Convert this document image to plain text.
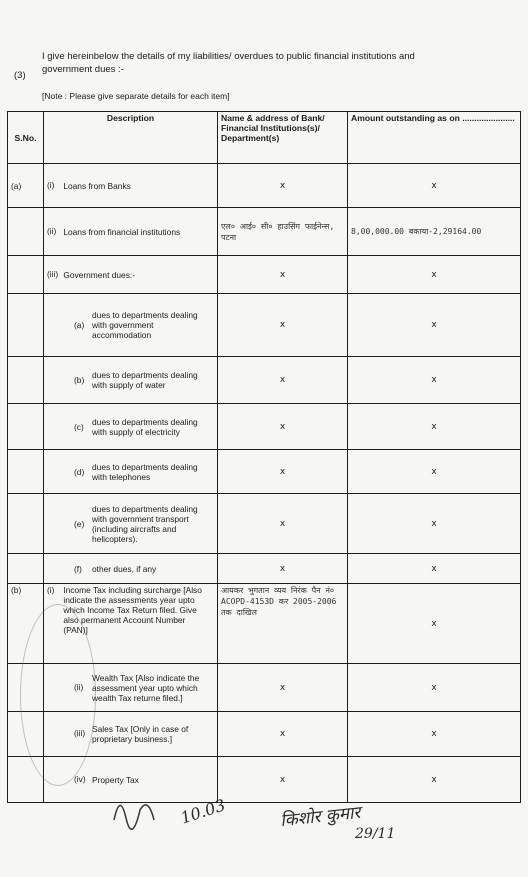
(3)
I give hereinbelow the details of my liabilities/ overdues to public financial institutions and
government dues :-
[Note : Please give separate details for each item]
S.No.	Description	Name & address of Bank/ Financial Institutions(s)/ Department(s)	Amount outstanding as on ......................
(a)	(i) Loans from Banks	x	x
	(ii) Loans from financial institutions	एल० आई० सी० हाउसिंग फाईनेन्स, पटना	8,00,000.00 बकाया-2,29164.00
	(iii) Government dues:-	x	x
	(a)dues to departments dealing with government accommodation	x	x
	(b) dues to departments dealing with supply of water	x	x
	(c) dues to departments dealing with supply of electricity	x	x
	(d) dues to departments dealing with telephones	x	x
	(e)dues to departments dealing with government transport (including aircrafts and helicopters).	x	x
	(f) other dues, if any	x	x
(b)	(i) Income Tax including surcharge [Also indicate the assessments year upto which Income Tax Return filed. Give also permanent Account Number (PAN)]	आयकर भुगतान व्यय निरंक पैन नं० ACOPD-4153D कर 2005-2006 तक दाखिल	x
	(ii)Wealth Tax [Also indicate the assessment year upto which wealth Tax returne filed.]	x	x
	(iii) Sales Tax [Only in case of proprietary business.]	x	x
	(iv) Property Tax	x	x
10.03	किशोर कुमार
29/11
